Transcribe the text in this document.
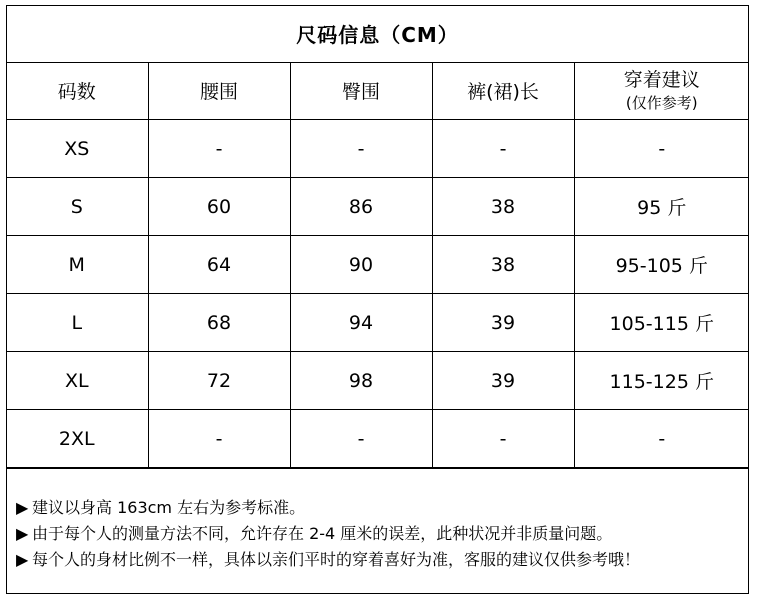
尺码信息（CM）
码数	腰围	臀围	裤(裙)长	穿着建议
(仅作参考)

XS	-	-	-	-
S	60	86	38	95 斤
M	64	90	38	95-105 斤
L	68	94	39	105-115 斤
XL	72	98	39	115-125 斤
2XL	-	-	-	-
▶ 建议以身高 163cm 左右为参考标准。
▶ 由于每个人的测量方法不同，允许存在 2-4 厘米的误差，此种状况并非质量问题。
▶ 每个人的身材比例不一样，具体以亲们平时的穿着喜好为准，客服的建议仅供参考哦！
